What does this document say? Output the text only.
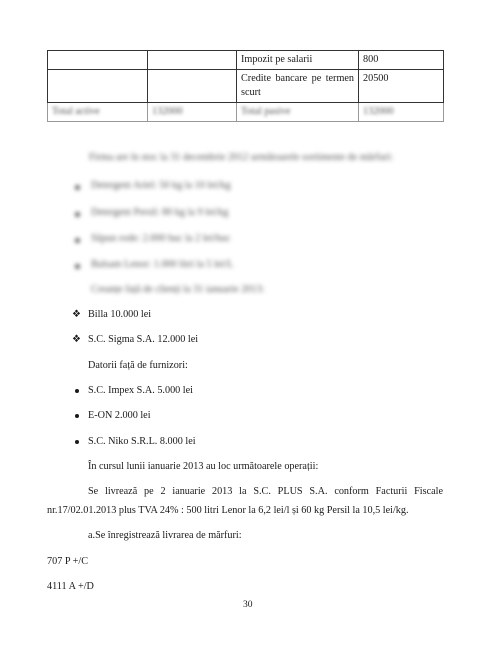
		Impozit pe salarii	800
		Credite bancare pe termen scurt	20500
Total active	132000	Total pasive	132000
Firma are în stoc la 31 decembrie 2012 următoarele sortimente de mărfuri:
Detergent Ariel: 50 kg la 10 lei/kg
Detergent Persil: 80 kg la 9 lei/kg
Săpun rode: 2.000 buc la 2 lei/buc
Balsam Lenor: 1.000 litri la 5 lei/L
Creanțe față de clienți la 31 ianuarie 2013:
❖ Billa 10.000 lei
❖ S.C. Sigma S.A. 12.000 lei
Datorii față de furnizori:
S.C. Impex S.A. 5.000 lei
E-ON 2.000 lei
S.C. Niko S.R.L. 8.000 lei
În cursul lunii ianuarie 2013 au loc următoarele operații:
Se livrează pe 2 ianuarie 2013 la S.C. PLUS S.A. conform Facturii Fiscale
nr.17/02.01.2013 plus TVA 24% : 500 litri Lenor la 6,2 lei/l și 60 kg Persil la 10,5 lei/kg.
a.Se înregistrează livrarea de mărfuri:
707 P +/C
4111 A +/D
30
